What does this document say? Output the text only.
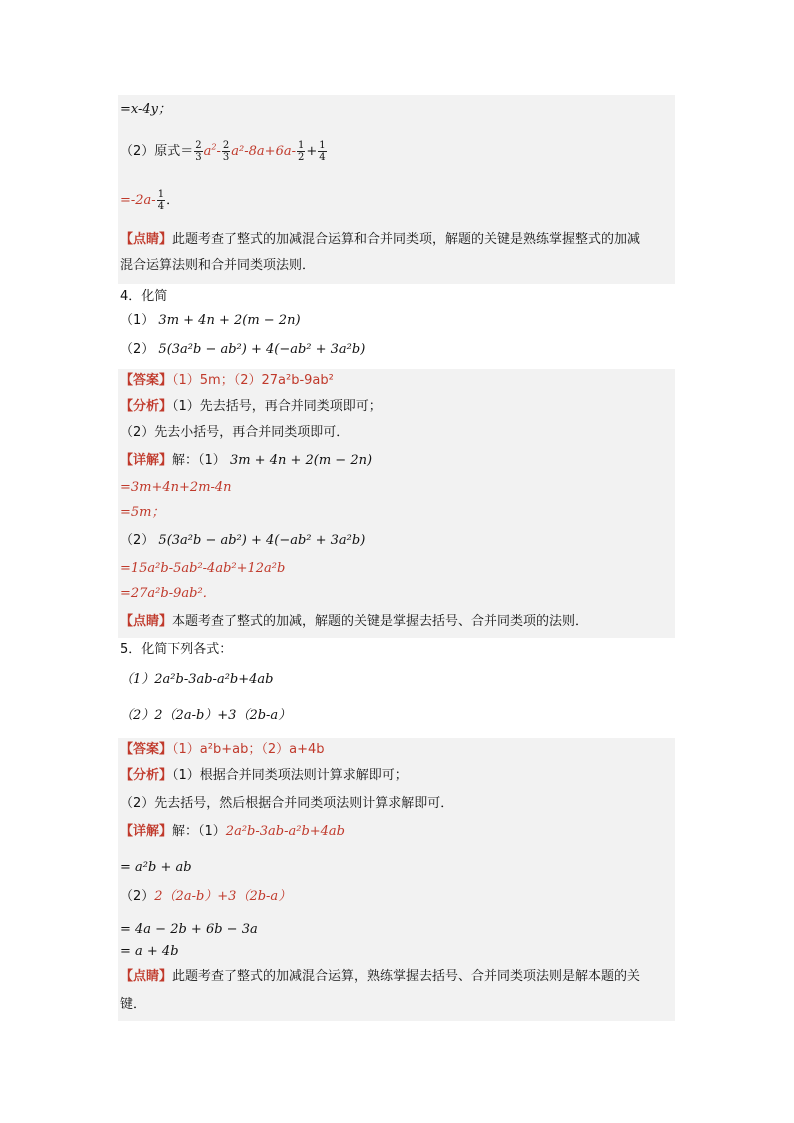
=x-4y；
（2）原式＝ $\frac{2}{3} a^2- \frac{2}{3} a^2-8a+6a- \frac{1}{2} + \frac{1}{4}$
$=-2a- \frac{1}{4}$ ．
【点睛】此题考查了整式的加减混合运算和合并同类项，解题的关键是熟练掌握整式的加减
混合运算法则和合并同类项法则．
4．化简
（1） 3m + 4n + 2(m − 2n)
（2） 5(3a²b − ab²) + 4(−ab² + 3a²b)
【答案】（1）5m；（2）27a²b-9ab²
【分析】（1）先去括号，再合并同类项即可；
（2）先去小括号，再合并同类项即可．
【详解】解：（1） 3m + 4n + 2(m − 2n)
=3m+4n+2m-4n
=5m；
（2） 5(3a²b − ab²) + 4(−ab² + 3a²b)
=15a²b-5ab²-4ab²+12a²b
=27a²b-9ab²．
【点睛】本题考查了整式的加减，解题的关键是掌握去括号、合并同类项的法则．
5．化简下列各式：
（1）2a²b-3ab-a²b+4ab
（2）2（2a-b）+3（2b-a）
【答案】（1）a²b+ab；（2）a+4b
【分析】（1）根据合并同类项法则计算求解即可；
（2）先去括号，然后根据合并同类项法则计算求解即可．
【详解】解：（1）2a²b-3ab-a²b+4ab
= a²b + ab
（2）2（2a-b）+3（2b-a）
= 4a − 2b + 6b − 3a
= a + 4b
【点睛】此题考查了整式的加减混合运算，熟练掌握去括号、合并同类项法则是解本题的关
键．
